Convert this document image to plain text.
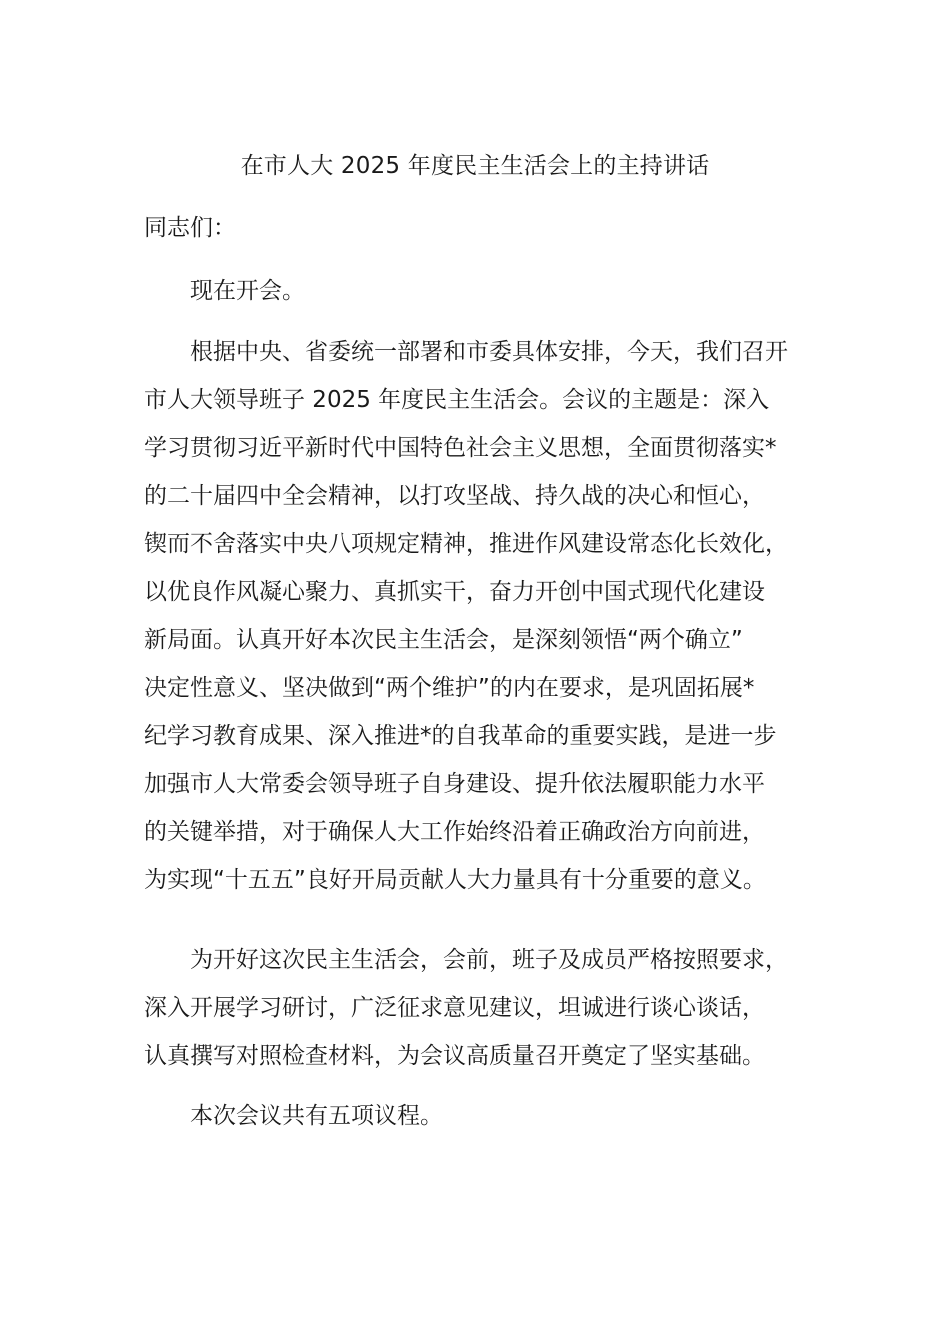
在市人大 2025 年度民主生活会上的主持讲话
同志们：
现在开会。
根据中央、省委统一部署和市委具体安排，今天，我们召开
市人大领导班子 2025 年度民主生活会。会议的主题是：深入
学习贯彻习近平新时代中国特色社会主义思想，全面贯彻落实*
的二十届四中全会精神，以打攻坚战、持久战的决心和恒心，
锲而不舍落实中央八项规定精神，推进作风建设常态化长效化，
以优良作风凝心聚力、真抓实干，奋力开创中国式现代化建设
新局面。认真开好本次民主生活会，是深刻领悟“两个确立”
决定性意义、坚决做到“两个维护”的内在要求，是巩固拓展*
纪学习教育成果、深入推进*的自我革命的重要实践，是进一步
加强市人大常委会领导班子自身建设、提升依法履职能力水平
的关键举措，对于确保人大工作始终沿着正确政治方向前进，
为实现“十五五”良好开局贡献人大力量具有十分重要的意义。
为开好这次民主生活会，会前，班子及成员严格按照要求，
深入开展学习研讨，广泛征求意见建议，坦诚进行谈心谈话，
认真撰写对照检查材料，为会议高质量召开奠定了坚实基础。
本次会议共有五项议程。
